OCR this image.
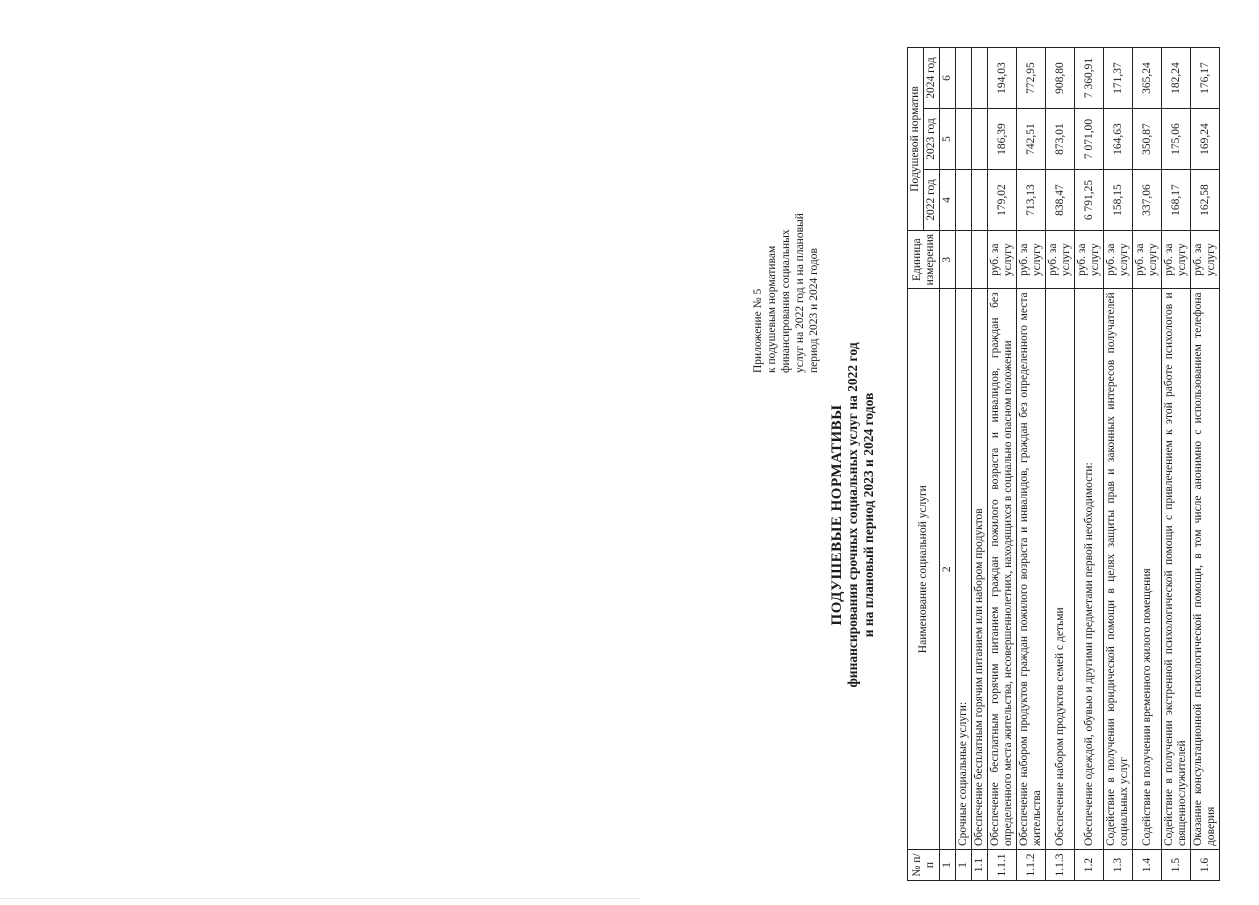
Приложение № 5 к подушевым нормативам финансирования социальных услуг на 2022 год и на плановый период 2023 и 2024 годов
ПОДУШЕВЫЕ НОРМАТИВЫ финансирования срочных социальных услуг на 2022 год и на плановый период 2023 и 2024 годов
№ п/п	Наименование социальной услуги	Единица измерения	Подушевой норматив		
			2022 год	2023 год	2024 год
1	2	3	4	5	6
1	Срочные социальные услуги:				
1.1	Обеспечение бесплатным горячим питанием или набором продуктов				
1.1.1	Обеспечение бесплатным горячим питанием граждан пожилого возраста и инвалидов, граждан без определенного места жительства, несовершеннолетних, находящихся в социально опасном положении	руб. за услугу	179,02	186,39	194,03
1.1.2	Обеспечение набором продуктов граждан пожилого возраста и инвалидов, граждан без определенного места жительства	руб. за услугу	713,13	742,51	772,95
1.1.3	Обеспечение набором продуктов семей с детьми	руб. за услугу	838,47	873,01	908,80
1.2	Обеспечение одеждой, обувью и другими предметами первой необходимости:	руб. за услугу	6 791,25	7 071,00	7 360,91
1.3	Содействие в получении юридической помощи в целях защиты прав и законных интересов получателей социальных услуг	руб. за услугу	158,15	164,63	171,37
1.4	Содействие в получении временного жилого помещения	руб. за услугу	337,06	350,87	365,24
1.5	Содействие в получении экстренной психологической помощи с привлечением к этой работе психологов и священнослужителей	руб. за услугу	168,17	175,06	182,24
1.6	Оказание консультационной психологической помощи, в том числе анонимно с использованием телефона доверия	руб. за услугу	162,58	169,24	176,17
